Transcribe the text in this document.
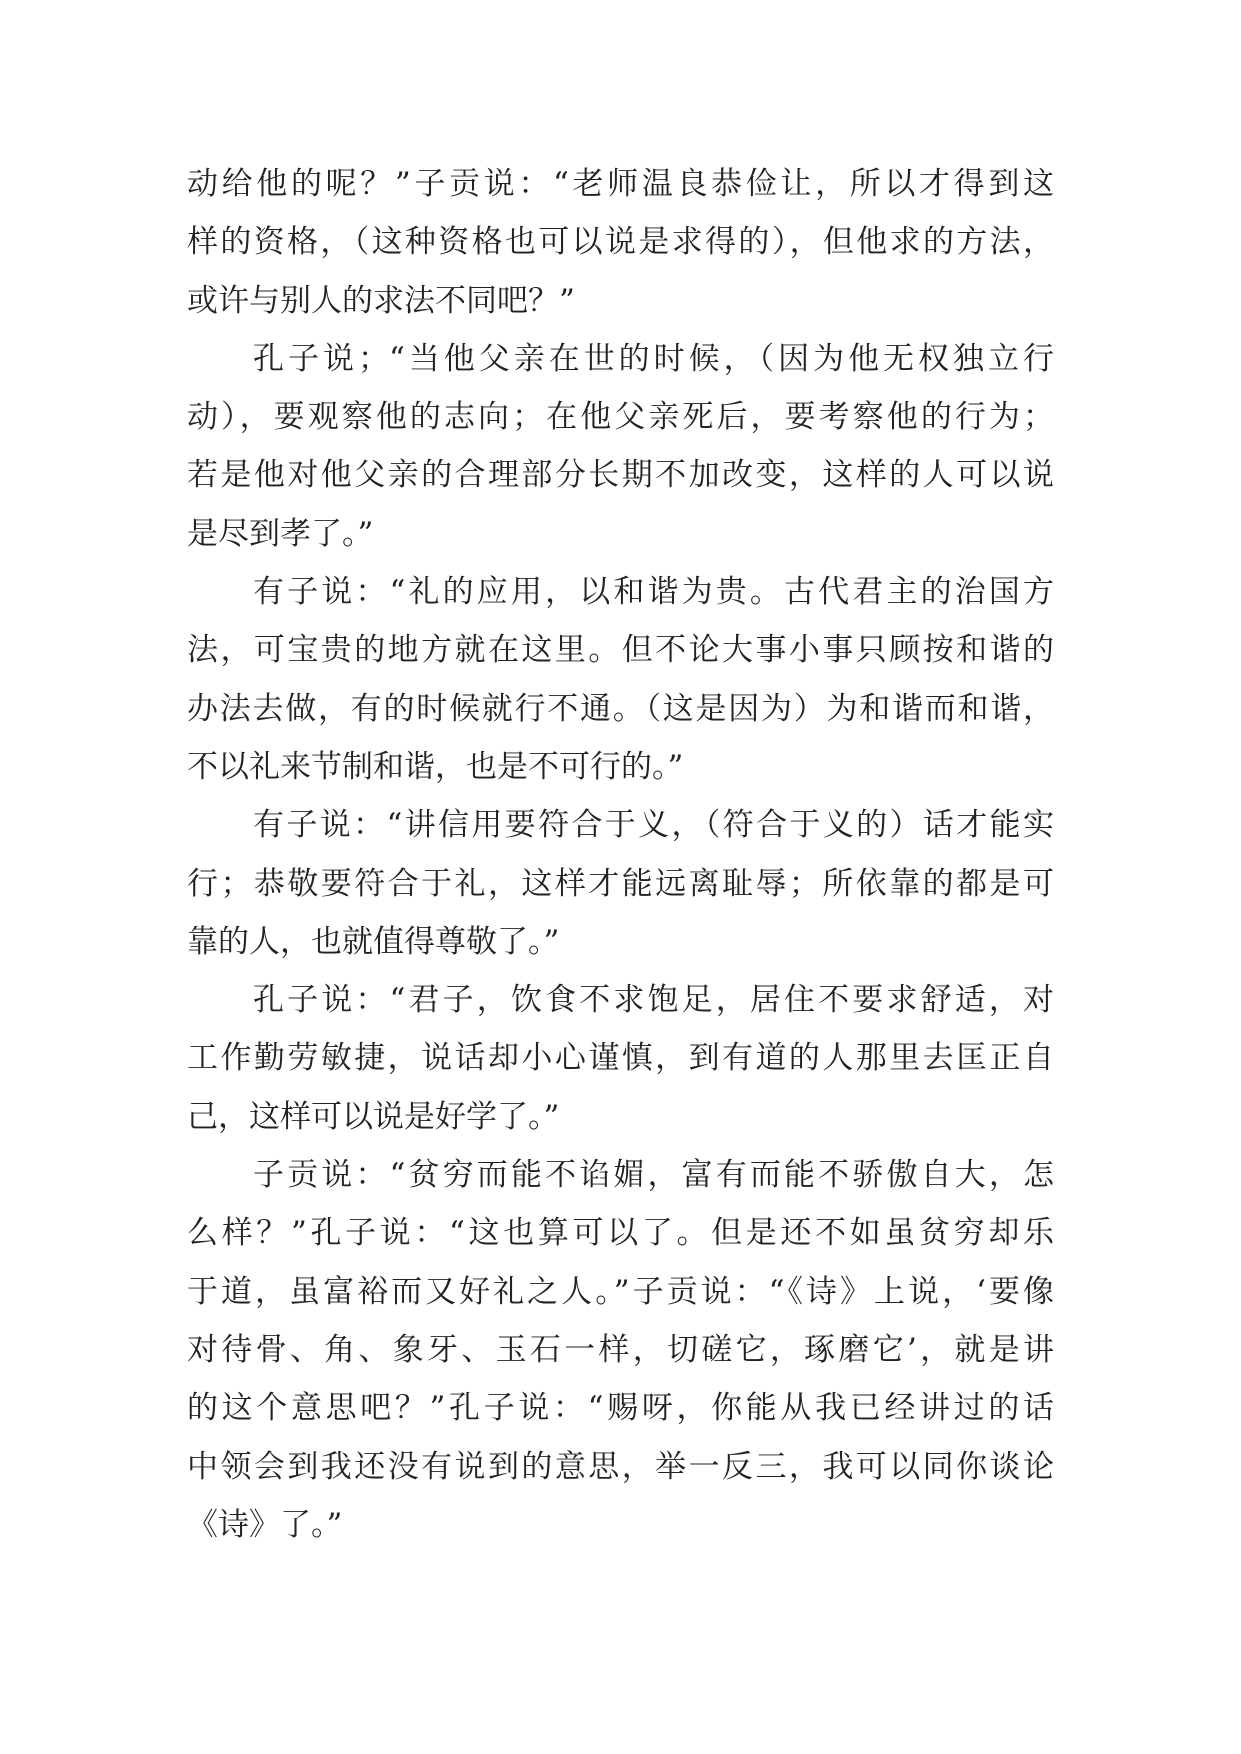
动给他的呢？”子贡说：“老师温良恭俭让，所以才得到这
样的资格，（这种资格也可以说是求得的），但他求的方法，
或许与别人的求法不同吧？”
孔子说；“当他父亲在世的时候，（因为他无权独立行
动），要观察他的志向；在他父亲死后，要考察他的行为；
若是他对他父亲的合理部分长期不加改变，这样的人可以说
是尽到孝了。”
有子说：“礼的应用，以和谐为贵。古代君主的治国方
法，可宝贵的地方就在这里。但不论大事小事只顾按和谐的
办法去做，有的时候就行不通。（这是因为）为和谐而和谐，
不以礼来节制和谐，也是不可行的。”
有子说：“讲信用要符合于义，（符合于义的）话才能实
行；恭敬要符合于礼，这样才能远离耻辱；所依靠的都是可
靠的人，也就值得尊敬了。”
孔子说：“君子，饮食不求饱足，居住不要求舒适，对
工作勤劳敏捷，说话却小心谨慎，到有道的人那里去匡正自
己，这样可以说是好学了。”
子贡说：“贫穷而能不谄媚，富有而能不骄傲自大，怎
么样？”孔子说：“这也算可以了。但是还不如虽贫穷却乐
于道，虽富裕而又好礼之人。”子贡说：“《诗》上说，‘要像
对待骨、角、象牙、玉石一样，切磋它，琢磨它’，就是讲
的这个意思吧？”孔子说：“赐呀，你能从我已经讲过的话
中领会到我还没有说到的意思，举一反三，我可以同你谈论
《诗》了。”
